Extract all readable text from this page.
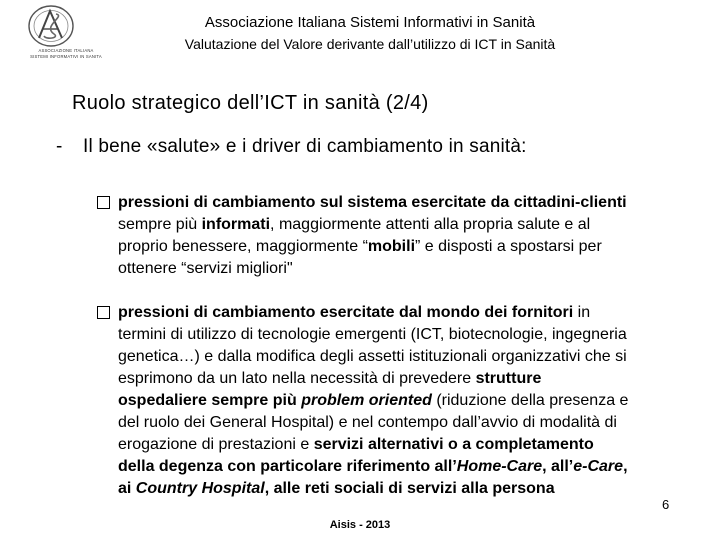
ASSOCIAZIONE ITALIANA
SISTEMI INFORMATIVI IN SANITA
Associazione Italiana Sistemi Informativi in Sanità
Valutazione del Valore derivante dall’utilizzo di ICT in Sanità
Ruolo strategico dell’ICT in sanità (2/4)
- Il bene «salute» e i driver di cambiamento in sanità:
pressioni di cambiamento sul sistema esercitate da cittadini-clienti
sempre più informati, maggiormente attenti alla propria salute e al
proprio benessere, maggiormente “mobili” e disposti a spostarsi per
ottenere “servizi migliori"
pressioni di cambiamento esercitate dal mondo dei fornitori in
termini di utilizzo di tecnologie emergenti (ICT, biotecnologie, ingegneria
genetica…) e dalla modifica degli assetti istituzionali organizzativi che si
esprimono da un lato nella necessità di prevedere strutture
ospedaliere sempre più problem oriented (riduzione della presenza e
del ruolo dei General Hospital) e nel contempo dall’avvio di modalità di
erogazione di prestazioni e servizi alternativi o a completamento
della degenza con particolare riferimento all’Home-Care, all’e-Care,
ai Country Hospital, alle reti sociali di servizi alla persona
6
Aisis - 2013
